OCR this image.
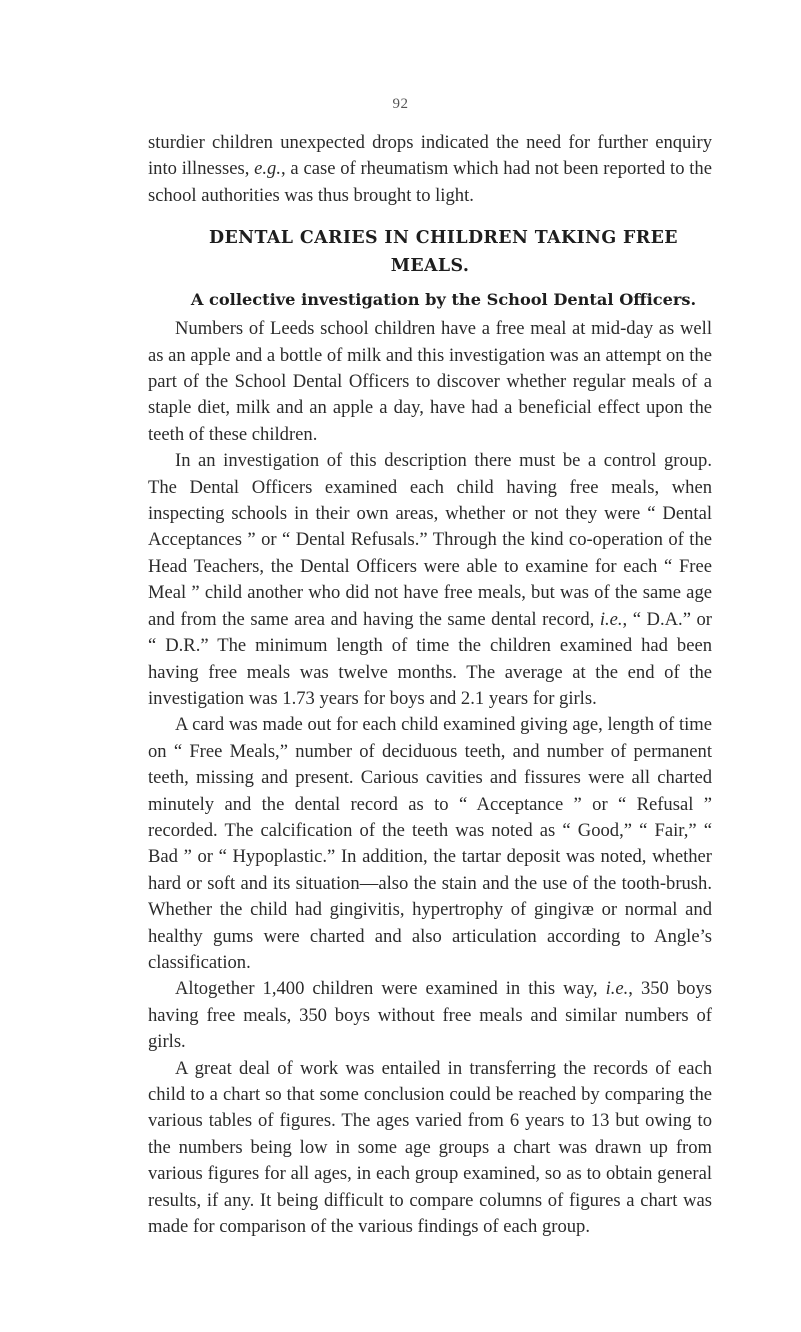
92

sturdier children unexpected drops indicated the need for further enquiry into illnesses, e.g., a case of rheumatism which had not been reported to the school authorities was thus brought to light.

DENTAL CARIES IN CHILDREN TAKING FREE MEALS.

A collective investigation by the School Dental Officers.

Numbers of Leeds school children have a free meal at mid-day as well as an apple and a bottle of milk and this investigation was an attempt on the part of the School Dental Officers to discover whether regular meals of a staple diet, milk and an apple a day, have had a beneficial effect upon the teeth of these children.

In an investigation of this description there must be a control group. The Dental Officers examined each child having free meals, when inspecting schools in their own areas, whether or not they were “ Dental Acceptances ” or “ Dental Refusals.” Through the kind co-operation of the Head Teachers, the Dental Officers were able to examine for each “ Free Meal ” child another who did not have free meals, but was of the same age and from the same area and having the same dental record, i.e., “ D.A.” or “ D.R.” The minimum length of time the children examined had been having free meals was twelve months. The average at the end of the investigation was 1.73 years for boys and 2.1 years for girls.

A card was made out for each child examined giving age, length of time on “ Free Meals,” number of deciduous teeth, and number of permanent teeth, missing and present. Carious cavities and fissures were all charted minutely and the dental record as to “ Acceptance ” or “ Refusal ” recorded. The calcification of the teeth was noted as “ Good,” “ Fair,” “ Bad ” or “ Hypoplastic.” In addition, the tartar deposit was noted, whether hard or soft and its situation—also the stain and the use of the tooth-brush. Whether the child had gingivitis, hypertrophy of gingivæ or normal and healthy gums were charted and also articulation according to Angle’s classification.

Altogether 1,400 children were examined in this way, i.e., 350 boys having free meals, 350 boys without free meals and similar numbers of girls.

A great deal of work was entailed in transferring the records of each child to a chart so that some conclusion could be reached by comparing the various tables of figures. The ages varied from 6 years to 13 but owing to the numbers being low in some age groups a chart was drawn up from various figures for all ages, in each group examined, so as to obtain general results, if any. It being difficult to compare columns of figures a chart was made for comparison of the various findings of each group.
